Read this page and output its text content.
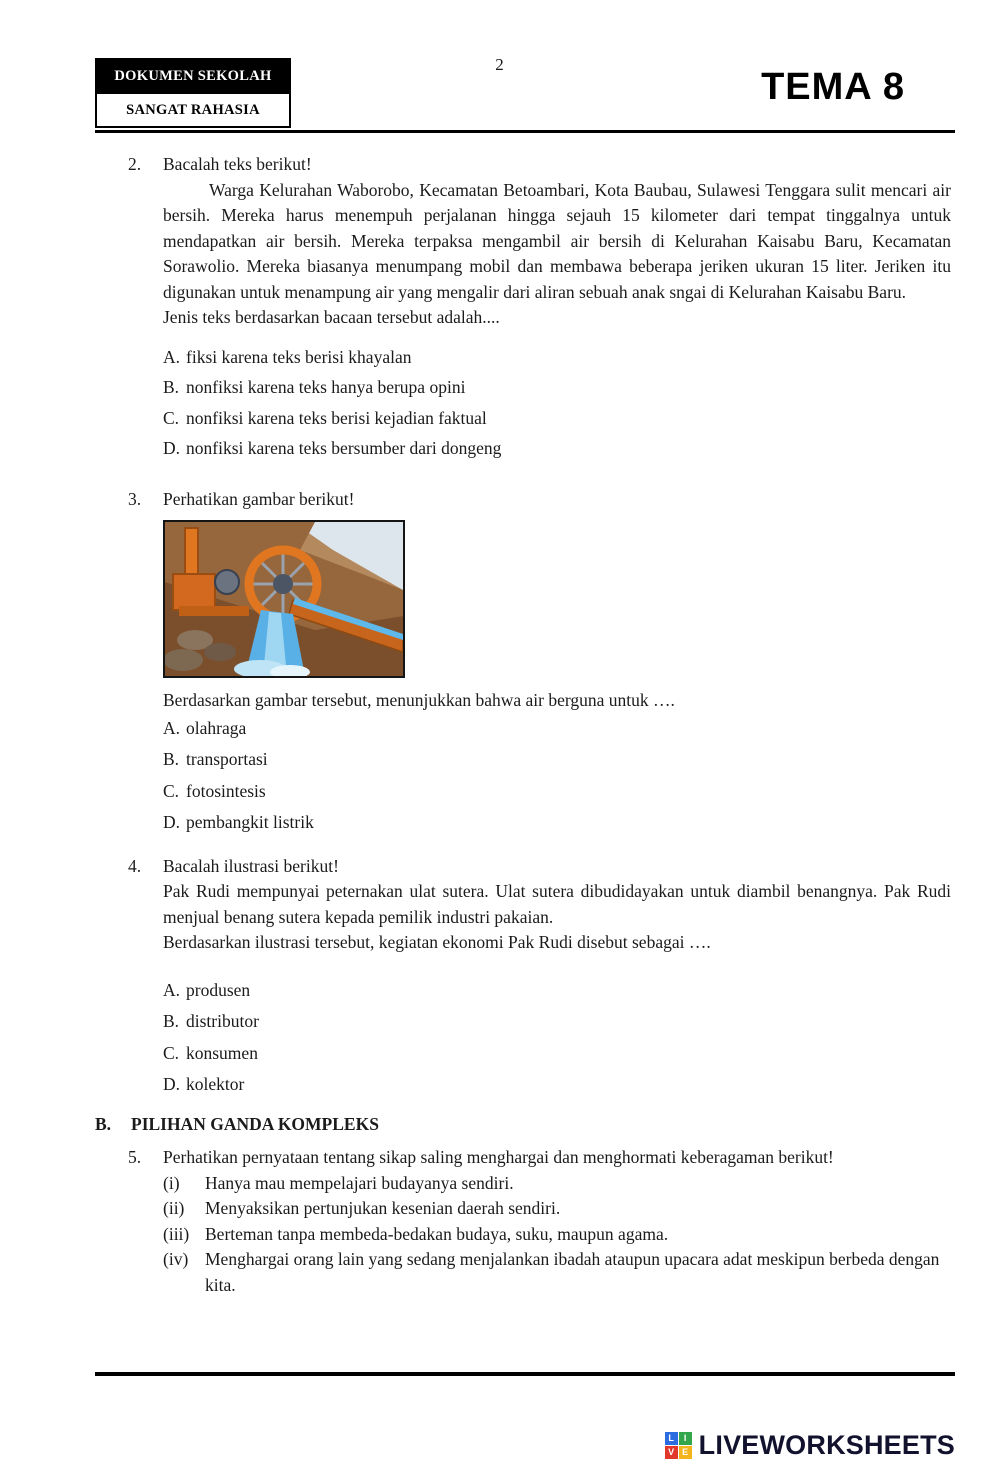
DOKUMEN SEKOLAH
SANGAT RAHASIA
2
TEMA 8
2.	Bacalah teks berikut!
Warga Kelurahan Waborobo, Kecamatan Betoambari, Kota Baubau, Sulawesi Tenggara sulit mencari air bersih. Mereka harus menempuh perjalanan hingga sejauh 15 kilometer dari tempat tinggalnya untuk mendapatkan air bersih. Mereka terpaksa mengambil air bersih di Kelurahan Kaisabu Baru, Kecamatan Sorawolio. Mereka biasanya menumpang mobil dan membawa beberapa jeriken ukuran 15 liter. Jeriken itu digunakan untuk menampung air yang mengalir dari aliran sebuah anak sngai di Kelurahan Kaisabu Baru.
Jenis teks berdasarkan bacaan tersebut adalah....
A. fiksi karena teks berisi khayalan
B. nonfiksi karena teks hanya berupa opini
C. nonfiksi karena teks berisi kejadian faktual
D. nonfiksi karena teks bersumber dari dongeng
3.	Perhatikan gambar berikut!
Berdasarkan gambar tersebut, menunjukkan bahwa air berguna untuk ….
A. olahraga
B. transportasi
C. fotosintesis
D. pembangkit listrik
4.	Bacalah ilustrasi berikut!
Pak Rudi mempunyai peternakan ulat sutera. Ulat sutera dibudidayakan untuk diambil benangnya. Pak Rudi menjual benang sutera kepada pemilik industri pakaian.
Berdasarkan ilustrasi tersebut, kegiatan ekonomi Pak Rudi disebut sebagai ….
A. produsen
B. distributor
C. konsumen
D. kolektor
B.	PILIHAN GANDA KOMPLEKS
5.	Perhatikan pernyataan tentang sikap saling menghargai dan menghormati keberagaman berikut!
(i)	Hanya mau mempelajari budayanya sendiri.
(ii)	Menyaksikan pertunjukan kesenian daerah sendiri.
(iii) Berteman tanpa membeda-bedakan budaya, suku, maupun agama.
(iv) Menghargai orang lain yang sedang menjalankan ibadah ataupun upacara adat meskipun berbeda dengan kita.
L	I
V E LIVEWORKSHEETS
